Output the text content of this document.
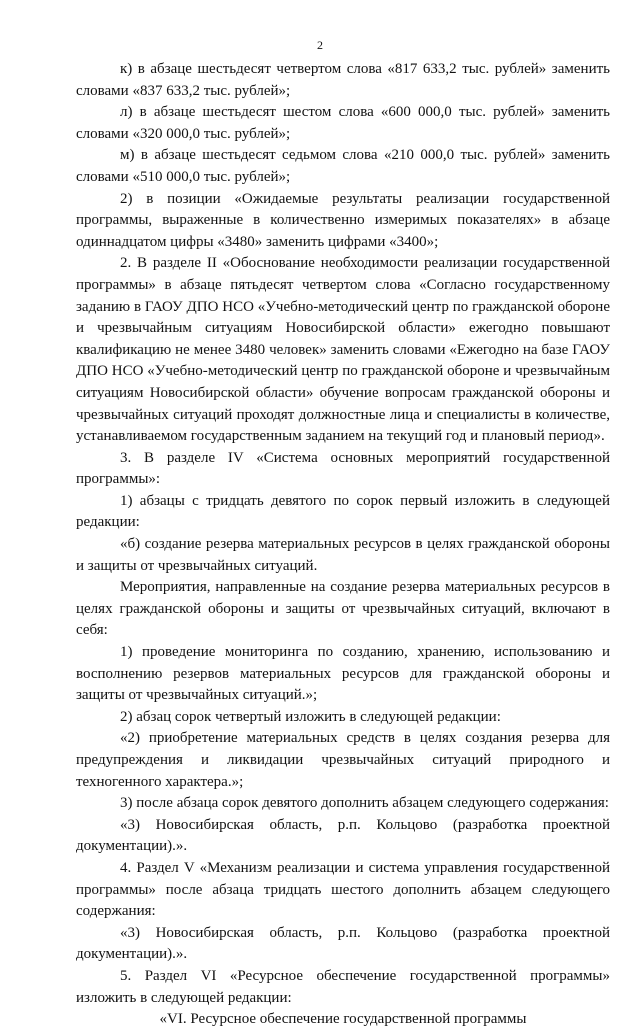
2

к) в абзаце шестьдесят четвертом слова «817 633,2 тыс. рублей» заменить словами «837 633,2 тыс. рублей»;

л) в абзаце шестьдесят шестом слова «600 000,0 тыс. рублей» заменить словами «320 000,0 тыс. рублей»;

м) в абзаце шестьдесят седьмом слова «210 000,0 тыс. рублей» заменить словами «510 000,0 тыс. рублей»;

2) в позиции «Ожидаемые результаты реализации государственной программы, выраженные в количественно измеримых показателях» в абзаце одиннадцатом цифры «3480» заменить цифрами «3400»;

2. В разделе II «Обоснование необходимости реализации государственной программы» в абзаце пятьдесят четвертом слова «Согласно государственному заданию в ГАОУ ДПО НСО «Учебно-методический центр по гражданской обороне и чрезвычайным ситуациям Новосибирской области» ежегодно повышают квалификацию не менее 3480 человек» заменить словами «Ежегодно на базе ГАОУ ДПО НСО «Учебно-методический центр по гражданской обороне и чрезвычайным ситуациям Новосибирской области» обучение вопросам гражданской обороны и чрезвычайных ситуаций проходят должностные лица и специалисты в количестве, устанавливаемом государственным заданием на текущий год и плановый период».

3. В разделе IV «Система основных мероприятий государственной программы»:

1) абзацы с тридцать девятого по сорок первый изложить в следующей редакции:

«б) создание резерва материальных ресурсов в целях гражданской обороны и защиты от чрезвычайных ситуаций.

Мероприятия, направленные на создание резерва материальных ресурсов в целях гражданской обороны и защиты от чрезвычайных ситуаций, включают в себя:

1) проведение мониторинга по созданию, хранению, использованию и восполнению резервов материальных ресурсов для гражданской обороны и защиты от чрезвычайных ситуаций.»;

2) абзац сорок четвертый изложить в следующей редакции:

«2) приобретение материальных средств в целях создания резерва для предупреждения и ликвидации чрезвычайных ситуаций природного и техногенного характера.»;

3) после абзаца сорок девятого дополнить абзацем следующего содержания:

«3) Новосибирская область, р.п. Кольцово (разработка проектной документации).».

4. Раздел V «Механизм реализации и система управления государственной программы» после абзаца тридцать шестого дополнить абзацем следующего содержания:

«3) Новосибирская область, р.п. Кольцово (разработка проектной документации).».

5. Раздел VI «Ресурсное обеспечение государственной программы» изложить в следующей редакции:

«VI. Ресурсное обеспечение государственной программы
